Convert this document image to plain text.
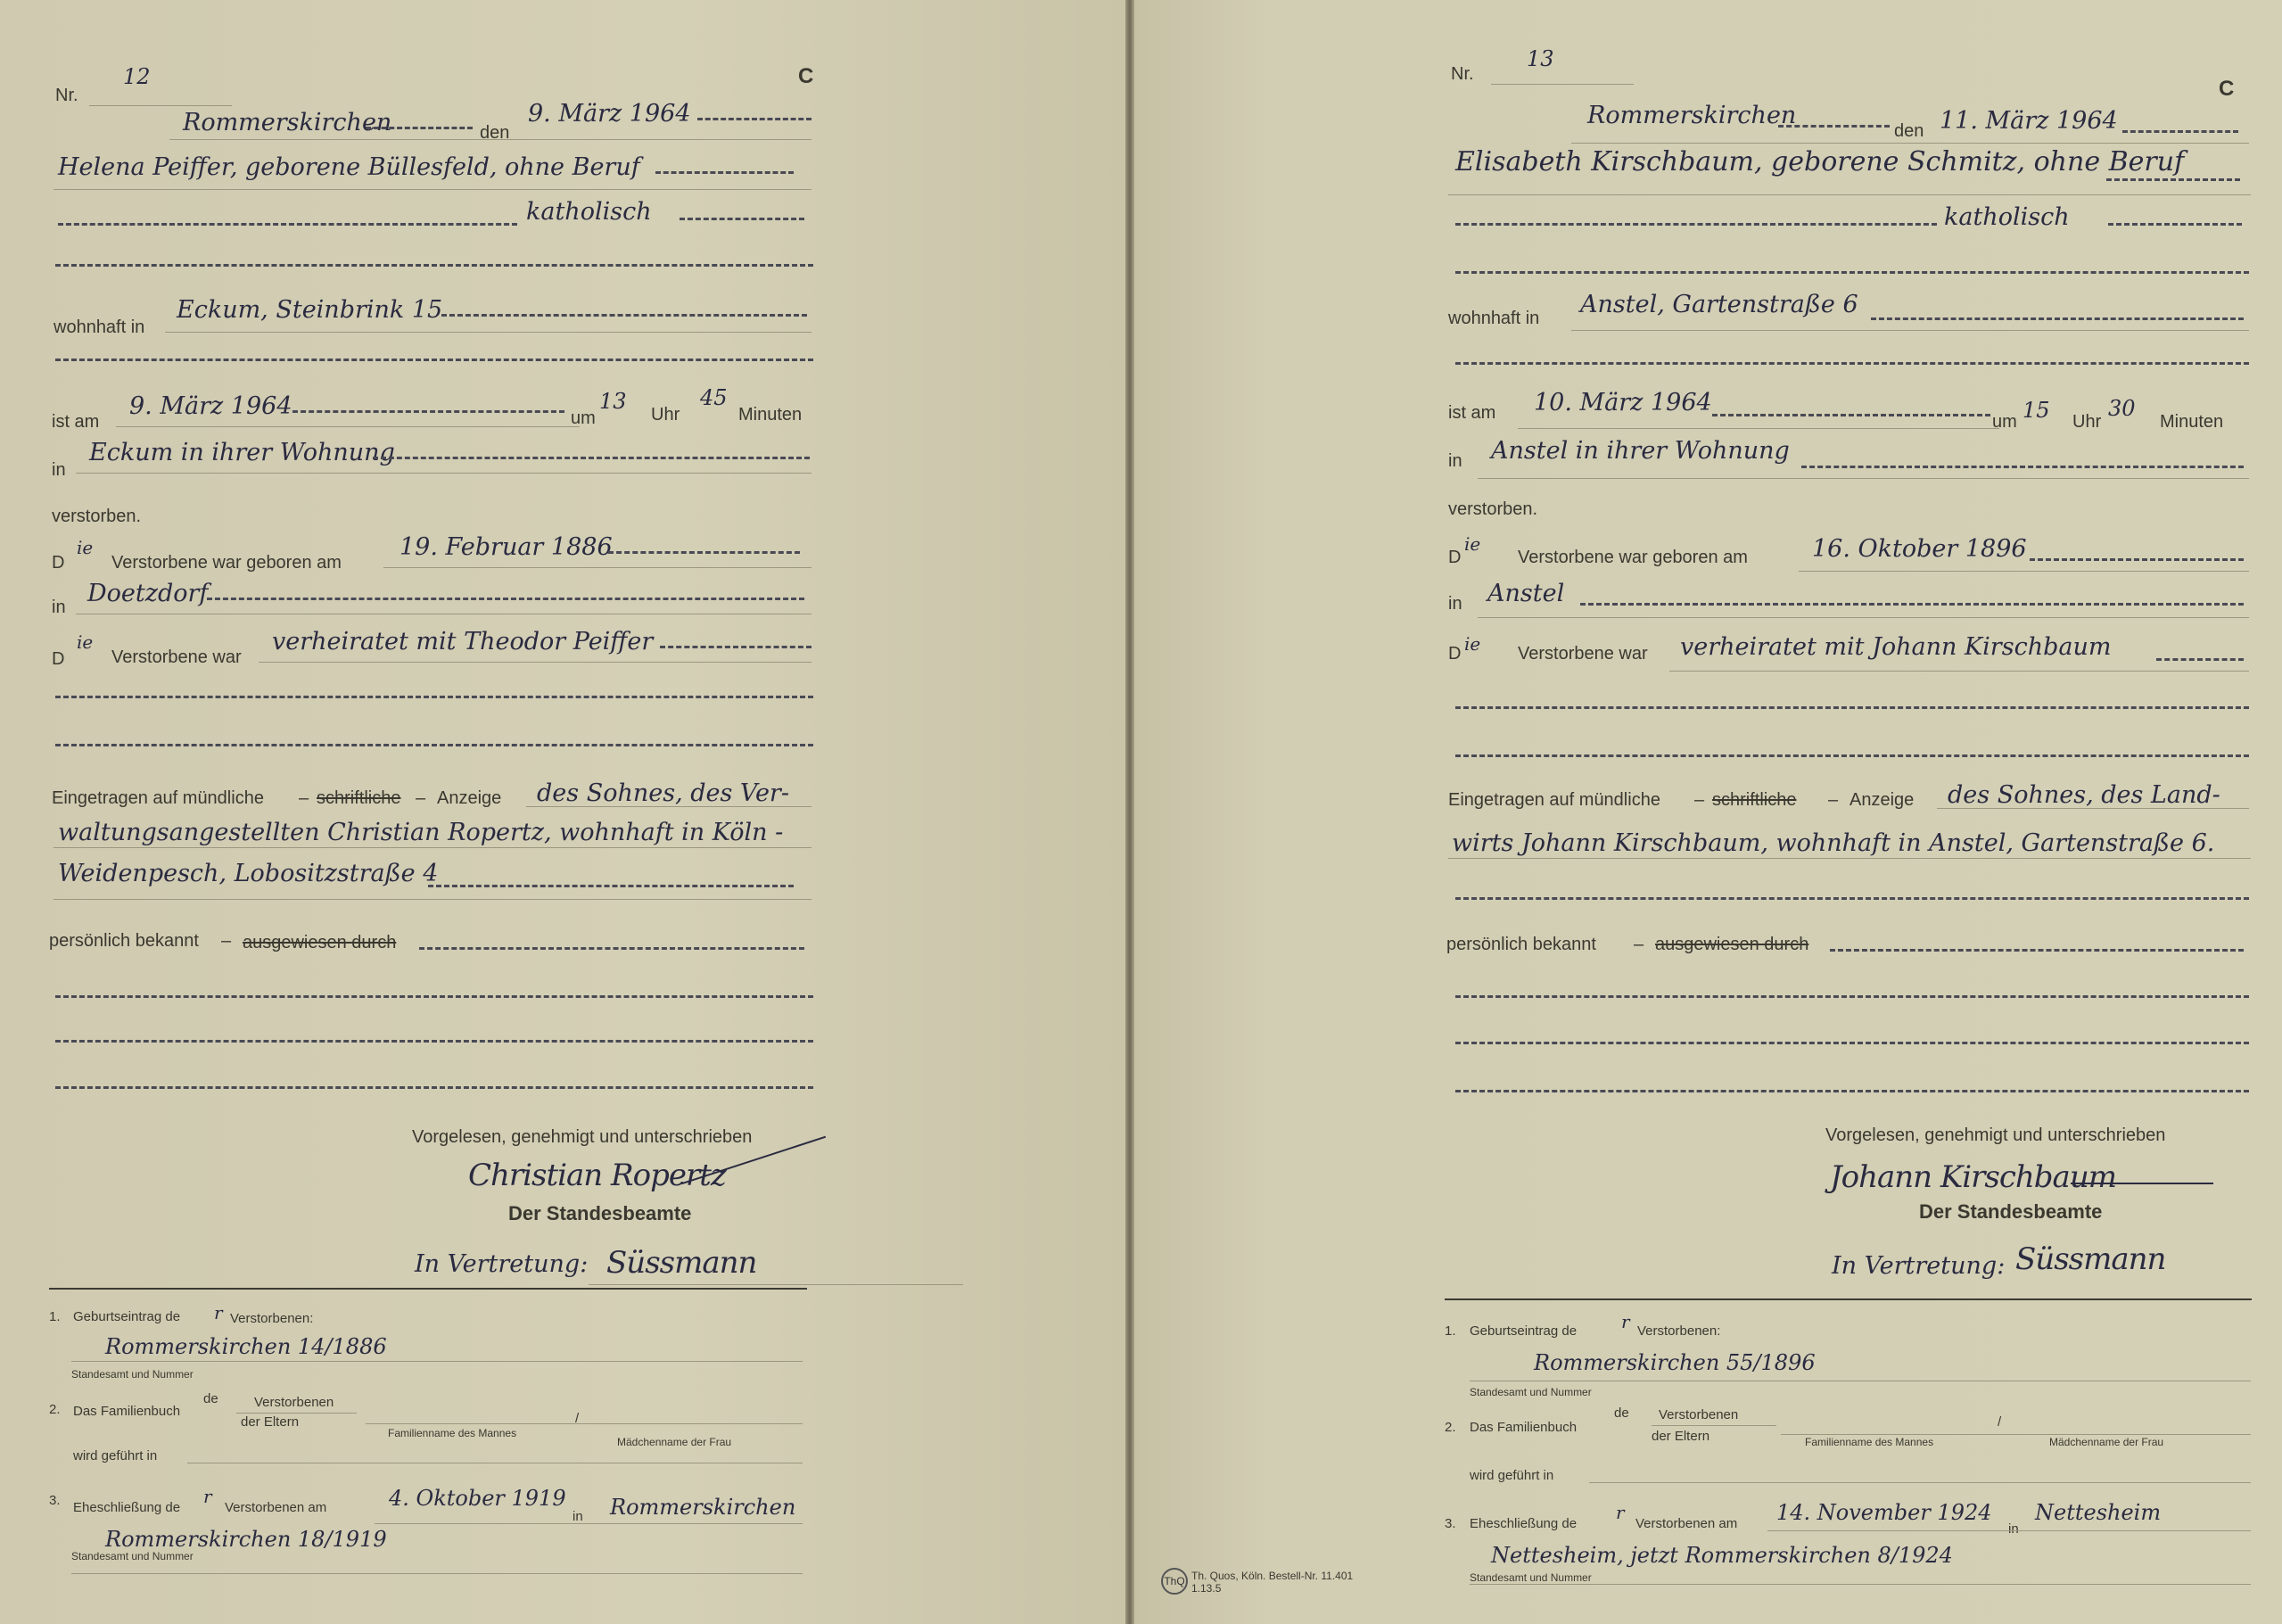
Nr.
12	C
Rommerskirchen	den
9. März 1964
Helena Peiffer, geborene Büllesfeld, ohne Beruf
katholisch
wohnhaft in
Eckum, Steinbrink 15
ist am
9. März 1964	um
13
Uhr
45
Minuten
in
Eckum in ihrer Wohnung
verstorben.
D
ie
Verstorbene war geboren am
19. Februar 1886
in Doetzdorf
D
ie
Verstorbene war
verheiratet mit Theodor Peiffer
Eingetragen auf mündliche – schriftliche – Anzeige des Sohnes, des Ver-
waltungsangestellten Christian Ropertz, wohnhaft in Köln -
Weidenpesch, Lobositzstraße 4
persönlich bekannt – ausgewiesen durch
Vorgelesen, genehmigt und unterschrieben
Christian Ropertz
Der Standesbeamte
In Vertretung: Süssmann
1. Geburtseintrag de r Verstorbenen:
Rommerskirchen 14/1886
Standesamt und Nummer
2. Das Familienbuch
de	Verstorbenen
der Eltern
Familienname des Mannes
/
Mädchenname der Frau
wird geführt in
3. Eheschließung de
r
Verstorbenen am	4. Oktober 1919
in Rommerskirchen
Rommerskirchen 18/1919
Standesamt und Nummer
Nr.
13
C
Rommerskirchen
den 11. März 1964
Elisabeth Kirschbaum, geborene Schmitz, ohne Beruf
katholisch
wohnhaft in Anstel, Gartenstraße 6
ist am 10. März 1964
um 15 Uhr
30
Minuten
in Anstel in ihrer Wohnung
verstorben.
D
ie
Verstorbene war geboren am	16. Oktober 1896
in Anstel
D ie Verstorbene war verheiratet mit Johann Kirschbaum
Eingetragen auf mündliche – schriftliche – Anzeige des Sohnes, des Land-
wirts Johann Kirschbaum, wohnhaft in Anstel, Gartenstraße 6.
persönlich bekannt – ausgewiesen durch
Vorgelesen, genehmigt und unterschrieben
Johann Kirschbaum
Der Standesbeamte
In Vertretung: Süssmann
1. Geburtseintrag de r Verstorbenen:
Rommerskirchen 55/1896
Standesamt und Nummer
2. Das Familienbuch
de Verstorbenen
der Eltern	Familienname des Mannes
/
Mädchenname der Frau
wird geführt in
3. Eheschließung de
r
Verstorbenen am 14. November 1924
in
Nettesheim
Nettesheim, jetzt Rommerskirchen 8/1924
Standesamt und Nummer
ThQ Th. Quos, Köln. Bestell-Nr. 11.401
1.13.5
